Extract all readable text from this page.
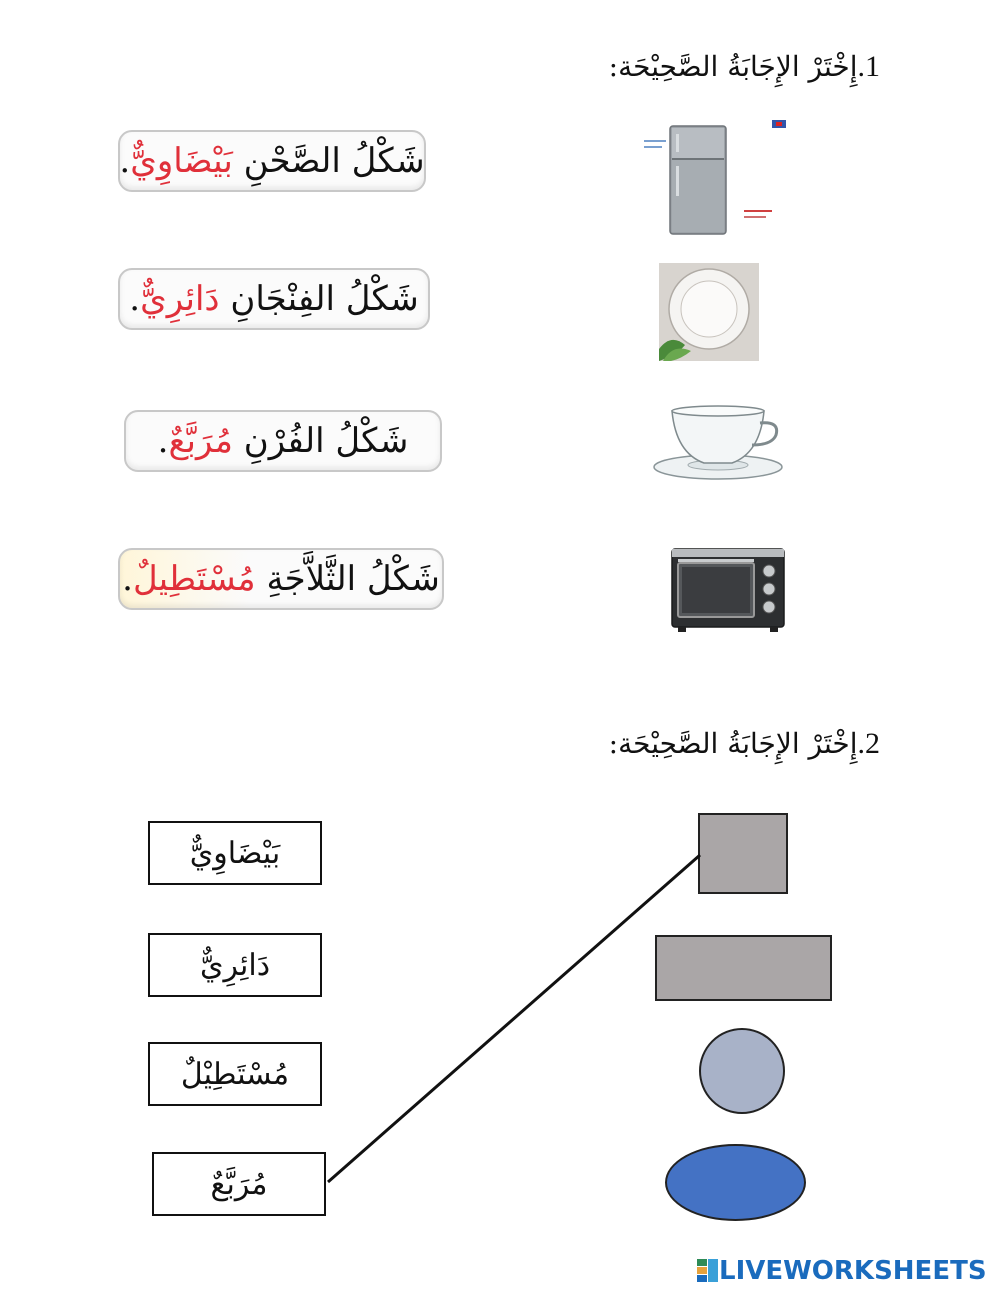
1.إِخْتَرْ الإِجَابَةُ الصَّحِيْحَة:
شَكْلُ الصَّحْنِ

بَيْضَاوِيٌّ
.
شَكْلُ الفِنْجَانِ

دَائِرِيٌّ
.
شَكْلُ الفُرْنِ

مُرَبَّعٌ
.
شَكْلُ الثَّلاَّجَةِ

مُسْتَطِيلٌ
.
2.إِخْتَرْ الإِجَابَةُ الصَّحِيْحَة:
بَيْضَاوِيٌّ
دَائِرِيٌّ
مُسْتَطِيْلٌ
مُرَبَّعٌ
LIVEWORKSHEETS
